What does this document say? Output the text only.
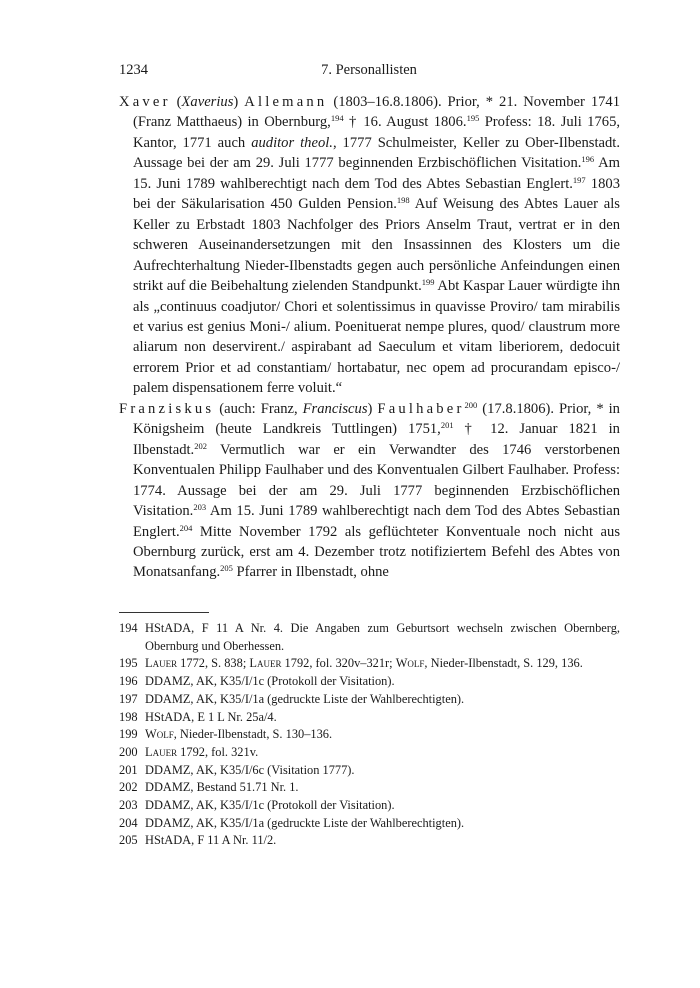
1234	7. Personallisten

Xaver (Xaverius) Allemann (1803–16.8.1806). Prior, * 21. November 1741 (Franz Matthaeus) in Obernburg,$^{194}$ † 16. August 1806.$^{195}$ Profess: 18. Juli 1765, Kantor, 1771 auch auditor theol., 1777 Schulmeister, Keller zu Ober-Ilbenstadt. Aussage bei der am 29. Juli 1777 beginnenden Erzbischöflichen Visitation.$^{196}$ Am 15. Juni 1789 wahlberechtigt nach dem Tod des Abtes Sebastian Englert.$^{197}$ 1803 bei der Säkularisation 450 Gulden Pension.$^{198}$ Auf Weisung des Abtes Lauer als Keller zu Erbstadt 1803 Nachfolger des Priors Anselm Traut, vertrat er in den schweren Auseinandersetzungen mit den Insassinnen des Klosters um die Aufrechterhaltung Nieder-Ilbenstadts gegen auch persönliche Anfeindungen einen strikt auf die Beibehaltung zielenden Standpunkt.$^{199}$ Abt Kaspar Lauer würdigte ihn als „continuus coadjutor/ Chori et solentissimus in quavisse Proviro/ tam mirabilis et varius est genius Moni-/ alium. Poenituerat nempe plures, quod/ claustrum more aliarum non deservirent./ aspirabant ad Saeculum et vitam liberiorem, dedocuit errorem Prior et ad constantiam/ hortabatur, nec opem ad procurandam episco-/ palem dispensationem ferre voluit.“

Franziskus (auch: Franz, Franciscus) Faulhaber$^{200}$ (17.8.1806). Prior, * in Königsheim (heute Landkreis Tuttlingen) 1751,$^{201}$ † 12. Januar 1821 in Ilbenstadt.$^{202}$ Vermutlich war er ein Verwandter des 1746 verstorbenen Konventualen Philipp Faulhaber und des Konventualen Gilbert Faulhaber. Profess: 1774. Aussage bei der am 29. Juli 1777 beginnenden Erzbischöflichen Visitation.$^{203}$ Am 15. Juni 1789 wahlberechtigt nach dem Tod des Abtes Sebastian Englert.$^{204}$ Mitte November 1792 als geflüchteter Konventuale noch nicht aus Obernburg zurück, erst am 4. Dezember trotz notifiziertem Befehl des Abtes von Monatsanfang.$^{205}$ Pfarrer in Ilbenstadt, ohne

194 HStADA, F 11 A Nr. 4. Die Angaben zum Geburtsort wechseln zwischen Obernberg, Obernburg und Oberhessen.
195 Lauer 1772, S. 838; Lauer 1792, fol. 320v–321r; Wolf, Nieder-Ilbenstadt, S. 129, 136.
196 DDAMZ, AK, K35/I/1c (Protokoll der Visitation).
197 DDAMZ, AK, K35/I/1a (gedruckte Liste der Wahlberechtigten).
198 HStADA, E 1 L Nr. 25a/4.
199 Wolf, Nieder-Ilbenstadt, S. 130–136.
200 Lauer 1792, fol. 321v.
201 DDAMZ, AK, K35/I/6c (Visitation 1777).
202 DDAMZ, Bestand 51.71 Nr. 1.
203 DDAMZ, AK, K35/I/1c (Protokoll der Visitation).
204 DDAMZ, AK, K35/I/1a (gedruckte Liste der Wahlberechtigten).
205 HStADA, F 11 A Nr. 11/2.
